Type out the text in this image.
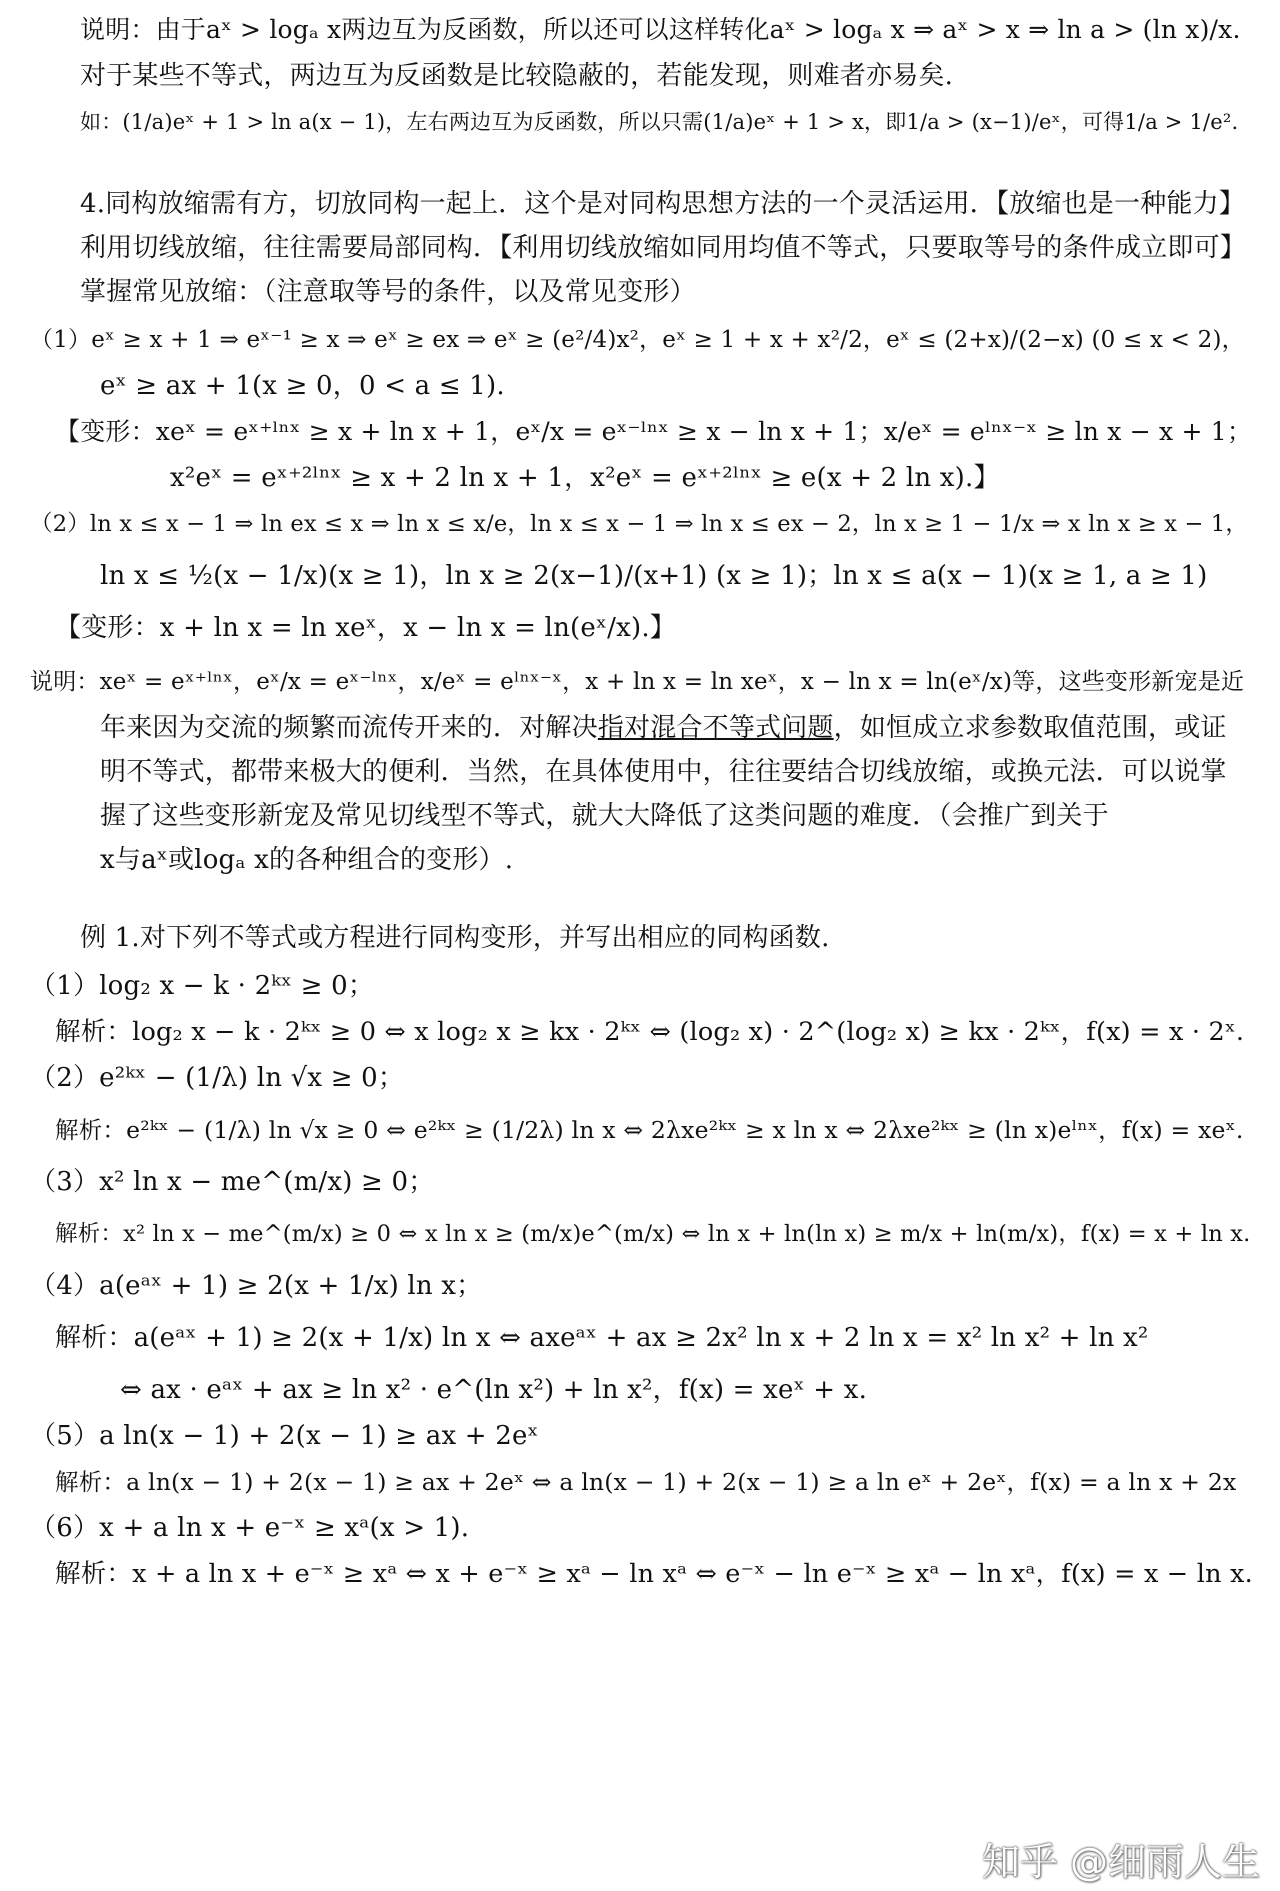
说明：由于aˣ > logₐ x两边互为反函数，所以还可以这样转化aˣ > logₐ x ⇒ aˣ > x ⇒ ln a > (ln x)/x.
对于某些不等式，两边互为反函数是比较隐蔽的，若能发现，则难者亦易矣.
如：(1/a)eˣ + 1 > ln a(x − 1)，左右两边互为反函数，所以只需(1/a)eˣ + 1 > x，即1/a > (x−1)/eˣ，可得1/a > 1/e².
4.同构放缩需有方，切放同构一起上．这个是对同构思想方法的一个灵活运用．【放缩也是一种能力】
利用切线放缩，往往需要局部同构．【利用切线放缩如同用均值不等式，只要取等号的条件成立即可】
掌握常见放缩：（注意取等号的条件，以及常见变形）
（1）eˣ ≥ x + 1 ⇒ eˣ⁻¹ ≥ x ⇒ eˣ ≥ ex ⇒ eˣ ≥ (e²/4)x²，eˣ ≥ 1 + x + x²/2，eˣ ≤ (2+x)/(2−x) (0 ≤ x < 2)，
eˣ ≥ ax + 1(x ≥ 0，0 < a ≤ 1).
【变形：xeˣ = eˣ⁺ˡⁿˣ ≥ x + ln x + 1，eˣ/x = eˣ⁻ˡⁿˣ ≥ x − ln x + 1；x/eˣ = eˡⁿˣ⁻ˣ ≥ ln x − x + 1；
x²eˣ = eˣ⁺²ˡⁿˣ ≥ x + 2 ln x + 1，x²eˣ = eˣ⁺²ˡⁿˣ ≥ e(x + 2 ln x).】
（2）ln x ≤ x − 1 ⇒ ln ex ≤ x ⇒ ln x ≤ x/e，ln x ≤ x − 1 ⇒ ln x ≤ ex − 2，ln x ≥ 1 − 1/x ⇒ x ln x ≥ x − 1，
ln x ≤ ½(x − 1/x)(x ≥ 1)，ln x ≥ 2(x−1)/(x+1) (x ≥ 1)；ln x ≤ a(x − 1)(x ≥ 1, a ≥ 1)
【变形：x + ln x = ln xeˣ，x − ln x = ln(eˣ/x).】
说明：xeˣ = eˣ⁺ˡⁿˣ，eˣ/x = eˣ⁻ˡⁿˣ，x/eˣ = eˡⁿˣ⁻ˣ，x + ln x = ln xeˣ，x − ln x = ln(eˣ/x)等，这些变形新宠是近
年来因为交流的频繁而流传开来的．对解决指对混合不等式问题，如恒成立求参数取值范围，或证
明不等式，都带来极大的便利．当然，在具体使用中，往往要结合切线放缩，或换元法．可以说掌
握了这些变形新宠及常见切线型不等式，就大大降低了这类问题的难度．（会推广到关于
x与aˣ或logₐ x的各种组合的变形）.
例 1.对下列不等式或方程进行同构变形，并写出相应的同构函数.
（1）log₂ x − k · 2ᵏˣ ≥ 0；
解析：log₂ x − k · 2ᵏˣ ≥ 0 ⇔ x log₂ x ≥ kx · 2ᵏˣ ⇔ (log₂ x) · 2^(log₂ x) ≥ kx · 2ᵏˣ，f(x) = x · 2ˣ.
（2）e²ᵏˣ − (1/λ) ln √x ≥ 0；
解析：e²ᵏˣ − (1/λ) ln √x ≥ 0 ⇔ e²ᵏˣ ≥ (1/2λ) ln x ⇔ 2λxe²ᵏˣ ≥ x ln x ⇔ 2λxe²ᵏˣ ≥ (ln x)eˡⁿˣ，f(x) = xeˣ.
（3）x² ln x − me^(m/x) ≥ 0；
解析：x² ln x − me^(m/x) ≥ 0 ⇔ x ln x ≥ (m/x)e^(m/x) ⇔ ln x + ln(ln x) ≥ m/x + ln(m/x)，f(x) = x + ln x.
（4）a(eᵃˣ + 1) ≥ 2(x + 1/x) ln x；
解析：a(eᵃˣ + 1) ≥ 2(x + 1/x) ln x ⇔ axeᵃˣ + ax ≥ 2x² ln x + 2 ln x = x² ln x² + ln x²
⇔ ax · eᵃˣ + ax ≥ ln x² · e^(ln x²) + ln x²，f(x) = xeˣ + x.
（5）a ln(x − 1) + 2(x − 1) ≥ ax + 2eˣ
解析：a ln(x − 1) + 2(x − 1) ≥ ax + 2eˣ ⇔ a ln(x − 1) + 2(x − 1) ≥ a ln eˣ + 2eˣ，f(x) = a ln x + 2x
（6）x + a ln x + e⁻ˣ ≥ xᵃ(x > 1).
解析：x + a ln x + e⁻ˣ ≥ xᵃ ⇔ x + e⁻ˣ ≥ xᵃ − ln xᵃ ⇔ e⁻ˣ − ln e⁻ˣ ≥ xᵃ − ln xᵃ，f(x) = x − ln x.
知乎 @细雨人生
